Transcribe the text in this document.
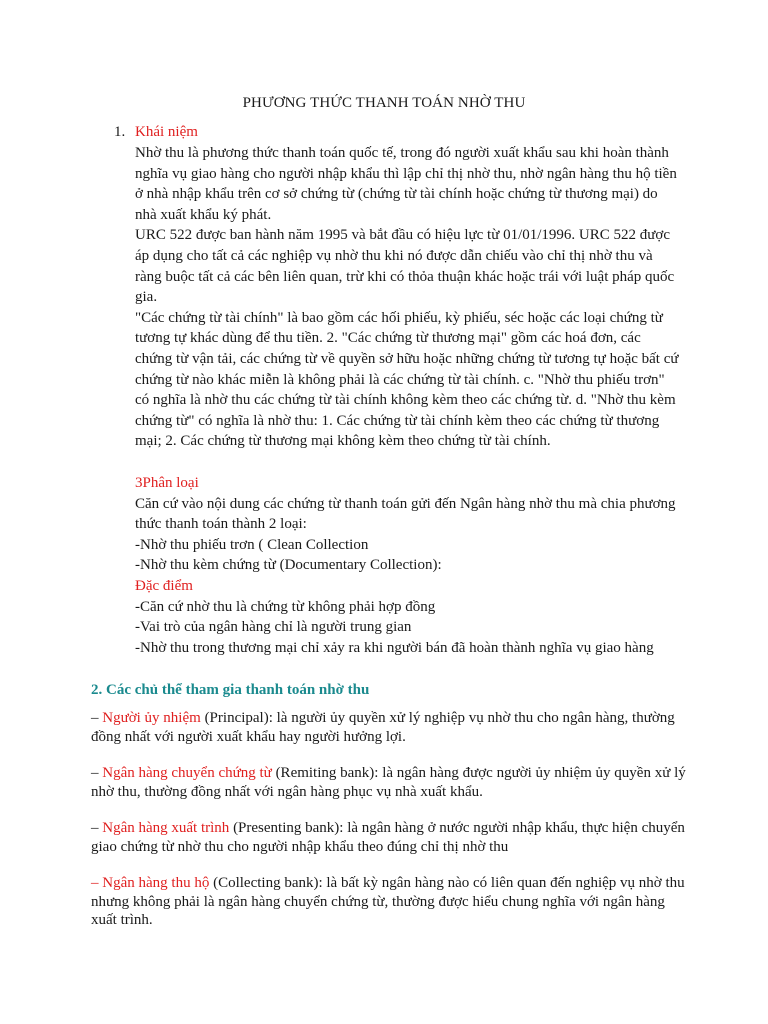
PHƯƠNG THỨC THANH TOÁN NHỜ THU
1. Khái niệm

Nhờ thu là phương thức thanh toán quốc tế, trong đó người xuất khẩu sau khi hoàn thành nghĩa vụ giao hàng cho người nhập khẩu thì lập chỉ thị nhờ thu, nhờ ngân hàng thu hộ tiền ở nhà nhập khẩu trên cơ sở chứng từ (chứng từ tài chính hoặc chứng từ thương mại) do nhà xuất khẩu ký phát.

URC 522 được ban hành năm 1995 và bắt đầu có hiệu lực từ 01/01/1996. URC 522 được áp dụng cho tất cả các nghiệp vụ nhờ thu khi nó được dẫn chiếu vào chỉ thị nhờ thu và ràng buộc tất cả các bên liên quan, trừ khi có thỏa thuận khác hoặc trái với luật pháp quốc gia.

"Các chứng từ tài chính" là bao gồm các hối phiếu, kỳ phiếu, séc hoặc các loại chứng từ tương tự khác dùng để thu tiền. 2. "Các chứng từ thương mại" gồm các hoá đơn, các chứng từ vận tải, các chứng từ về quyền sở hữu hoặc những chứng từ tương tự hoặc bất cứ chứng từ nào khác miễn là không phải là các chứng từ tài chính. c. "Nhờ thu phiếu trơn" có nghĩa là nhờ thu các chứng từ tài chính không kèm theo các chứng từ. d. "Nhờ thu kèm chứng từ" có nghĩa là nhờ thu: 1. Các chứng từ tài chính kèm theo các chứng từ thương mại; 2. Các chứng từ thương mại không kèm theo chứng từ tài chính.

3Phân loại

Căn cứ vào nội dung các chứng từ thanh toán gửi đến Ngân hàng nhờ thu mà chia phương thức thanh toán thành 2 loại:

-Nhờ thu phiếu trơn ( Clean Collection

-Nhờ thu kèm chứng từ (Documentary Collection):

Đặc điểm

-Căn cứ nhờ thu là chứng từ không phải hợp đồng

-Vai trò của ngân hàng chỉ là người trung gian

-Nhờ thu trong thương mại chỉ xảy ra khi người bán đã hoàn thành nghĩa vụ giao hàng

2. Các chủ thể tham gia thanh toán nhờ thu
– Người ủy nhiệm (Principal): là người ủy quyền xử lý nghiệp vụ nhờ thu cho ngân hàng, thường đồng nhất với người xuất khẩu hay người hưởng lợi.
– Ngân hàng chuyển chứng từ (Remiting bank): là ngân hàng được người ủy nhiệm ủy quyền xử lý nhờ thu, thường đồng nhất với ngân hàng phục vụ nhà xuất khẩu.
– Ngân hàng xuất trình (Presenting bank): là ngân hàng ở nước người nhập khẩu, thực hiện chuyển giao chứng từ nhờ thu cho người nhập khẩu theo đúng chỉ thị nhờ thu
– Ngân hàng thu hộ (Collecting bank): là bất kỳ ngân hàng nào có liên quan đến nghiệp vụ nhờ thu nhưng không phải là ngân hàng chuyển chứng từ, thường được hiểu chung nghĩa với ngân hàng xuất trình.
